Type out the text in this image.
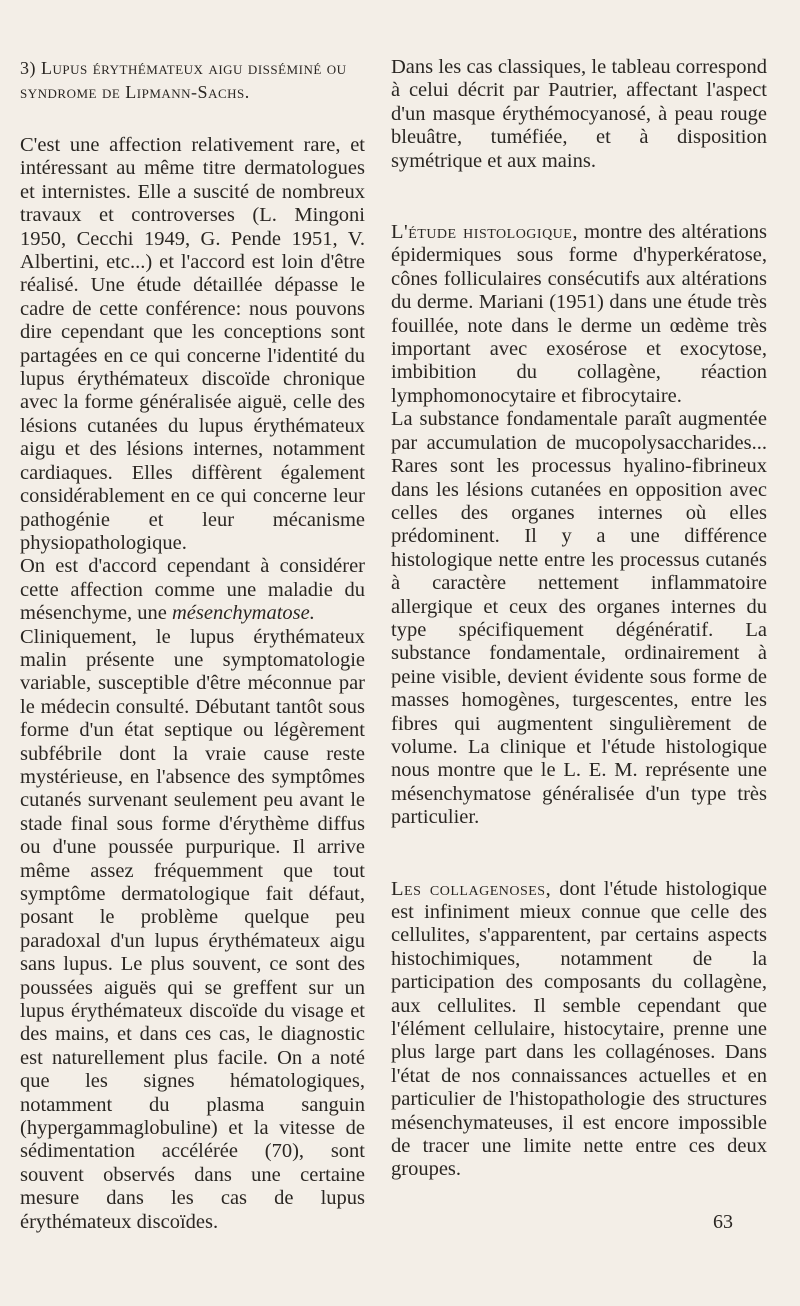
3) Lupus érythémateux aigu disséminé ou syndrome de Lipmann-Sachs.

C'est une affection relativement rare, et intéressant au même titre dermatologues et internistes. Elle a suscité de nombreux travaux et controverses (L. Mingoni 1950, Cecchi 1949, G. Pende 1951, V. Albertini, etc...) et l'accord est loin d'être réalisé. Une étude détaillée dépasse le cadre de cette conférence: nous pouvons dire cependant que les conceptions sont partagées en ce qui concerne l'identité du lupus érythémateux discoïde chronique avec la forme généralisée aiguë, celle des lésions cutanées du lupus érythémateux aigu et des lésions internes, notamment cardiaques. Elles diffèrent également considérablement en ce qui concerne leur pathogénie et leur mécanisme physiopathologique.

On est d'accord cependant à considérer cette affection comme une maladie du mésenchyme, une mésenchymatose.

Cliniquement, le lupus érythémateux malin présente une symptomatologie variable, susceptible d'être méconnue par le médecin consulté. Débutant tantôt sous forme d'un état septique ou légèrement subfébrile dont la vraie cause reste mystérieuse, en l'absence des symptômes cutanés survenant seulement peu avant le stade final sous forme d'érythème diffus ou d'une poussée purpurique. Il arrive même assez fréquemment que tout symptôme dermatologique fait défaut, posant le problème quelque peu paradoxal d'un lupus érythémateux aigu sans lupus. Le plus souvent, ce sont des poussées aiguës qui se greffent sur un lupus érythémateux discoïde du visage et des mains, et dans ces cas, le diagnostic est naturellement plus facile. On a noté que les signes hématologiques, notamment du plasma sanguin (hypergammaglobuline) et la vitesse de sédimentation accélérée (70), sont souvent observés dans une certaine mesure dans les cas de lupus érythémateux discoïdes.

Dans les cas classiques, le tableau correspond à celui décrit par Pautrier, affectant l'aspect d'un masque érythémocyanosé, à peau rouge bleuâtre, tuméfiée, et à disposition symétrique et aux mains.

L'étude histologique, montre des altérations épidermiques sous forme d'hyperkératose, cônes folliculaires consécutifs aux altérations du derme. Mariani (1951) dans une étude très fouillée, note dans le derme un œdème très important avec exosérose et exocytose, imbibition du collagène, réaction lymphomonocytaire et fibrocytaire.

La substance fondamentale paraît augmentée par accumulation de mucopolysaccharides... Rares sont les processus hyalino-fibrineux dans les lésions cutanées en opposition avec celles des organes internes où elles prédominent. Il y a une différence histologique nette entre les processus cutanés à caractère nettement inflammatoire allergique et ceux des organes internes du type spécifiquement dégénératif. La substance fondamentale, ordinairement à peine visible, devient évidente sous forme de masses homogènes, turgescentes, entre les fibres qui augmentent singulièrement de volume. La clinique et l'étude histologique nous montre que le L. E. M. représente une mésenchymatose généralisée d'un type très particulier.

Les collagenoses, dont l'étude histologique est infiniment mieux connue que celle des cellulites, s'apparentent, par certains aspects histochimiques, notamment de la participation des composants du collagène, aux cellulites. Il semble cependant que l'élément cellulaire, histocytaire, prenne une plus large part dans les collagénoses. Dans l'état de nos connaissances actuelles et en particulier de l'histopathologie des structures mésenchymateuses, il est encore impossible de tracer une limite nette entre ces deux groupes.

63
